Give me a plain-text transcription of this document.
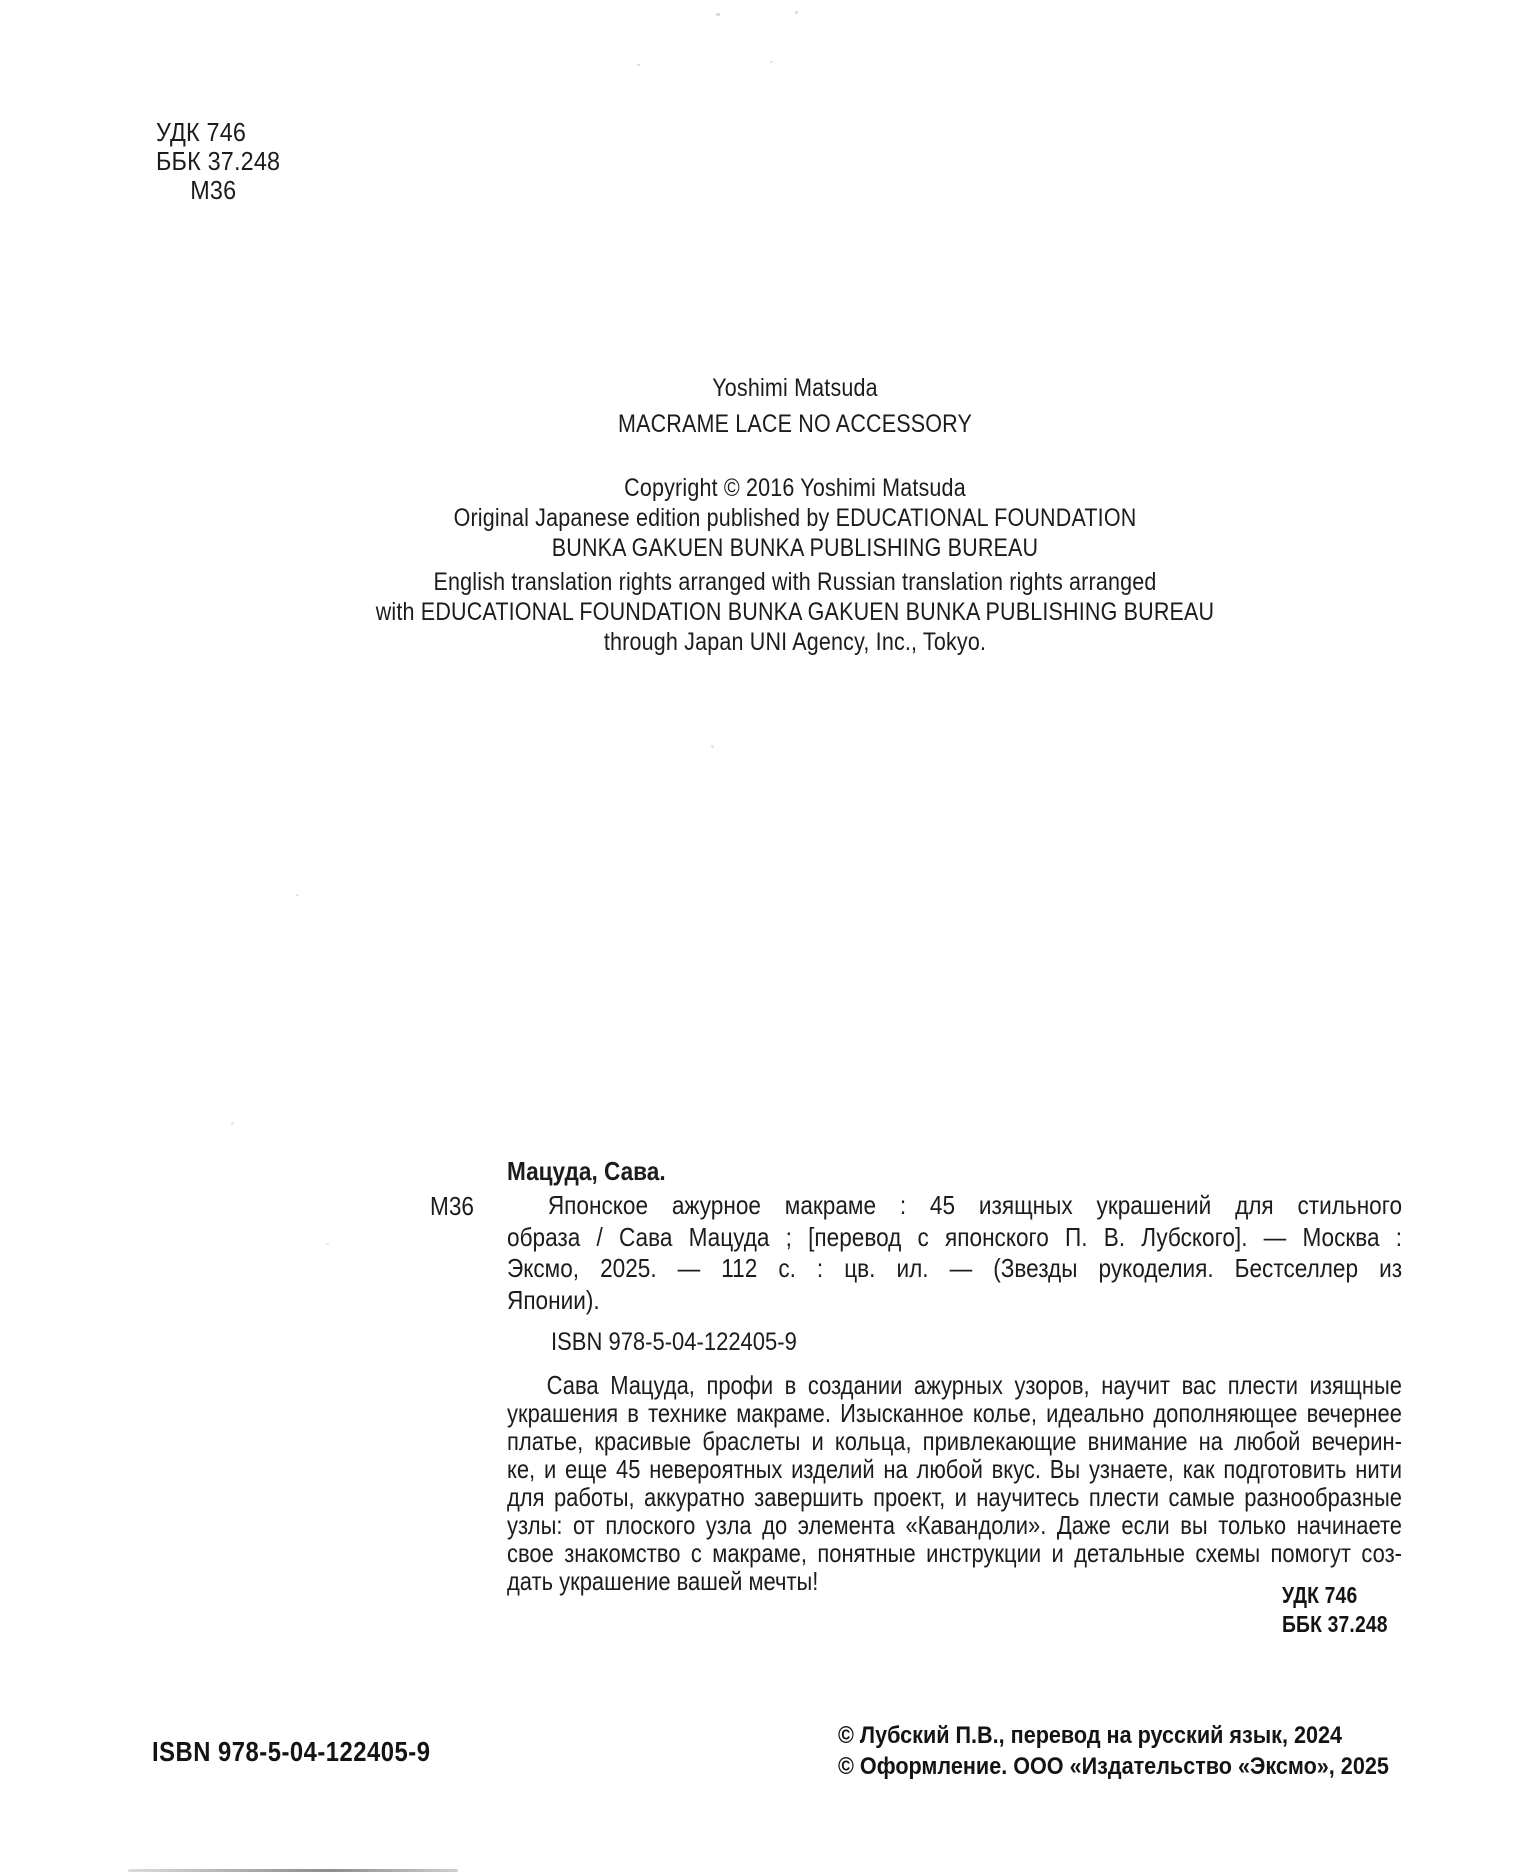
УДК 746
ББК 37.248
М36
Yoshimi Matsuda
MACRAME LACE NO ACCESSORY
Copyright © 2016 Yoshimi Matsuda
Original Japanese edition published by EDUCATIONAL FOUNDATION
BUNKA GAKUEN BUNKA PUBLISHING BUREAU
English translation rights arranged with Russian translation rights arranged
with EDUCATIONAL FOUNDATION BUNKA GAKUEN BUNKA PUBLISHING BUREAU
through Japan UNI Agency, Inc., Tokyo.
Мацуда, Сава.
М36	Японское ажурное макраме : 45 изящных украшений для стильного
образа / Сава Мацуда ; [перевод с японского П. В. Лубского]. — Москва :
Эксмо, 2025. — 112 с. : цв. ил. — (Звезды рукоделия. Бестселлер из
Японии).
ISBN 978-5-04-122405-9
Сава Мацуда, профи в создании ажурных узоров, научит вас плести изящные
украшения в технике макраме. Изысканное колье, идеально дополняющее вечернее
платье, красивые браслеты и кольца, привлекающие внимание на любой вечерин-
ке, и еще 45 невероятных изделий на любой вкус. Вы узнаете, как подготовить нити
для работы, аккуратно завершить проект, и научитесь плести самые разнообразные
узлы: от плоского узла до элемента «Кавандоли». Даже если вы только начинаете
свое знакомство с макраме, понятные инструкции и детальные схемы помогут соз-
дать украшение вашей мечты!	УДК 746
ББК 37.248
© Лубский П.В., перевод на русский язык, 2024
© Оформление. ООО «Издательство «Эксмо», 2025
ISBN 978-5-04-122405-9
